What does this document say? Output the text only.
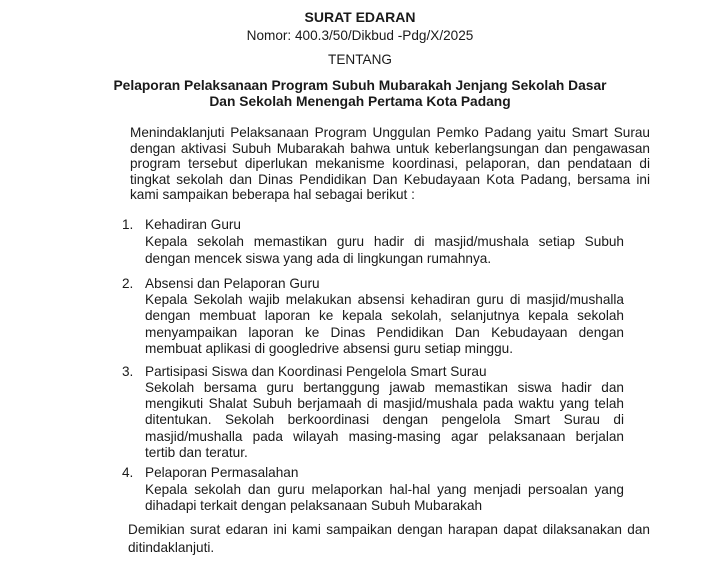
SURAT EDARAN
Nomor: 400.3/50/Dikbud -Pdg/X/2025
TENTANG
Pelaporan Pelaksanaan Program Subuh Mubarakah Jenjang Sekolah Dasar
Dan Sekolah Menengah Pertama Kota Padang
Menindaklanjuti Pelaksanaan Program Unggulan Pemko Padang yaitu Smart Surau
dengan aktivasi Subuh Mubarakah bahwa untuk keberlangsungan dan pengawasan
program tersebut diperlukan mekanisme koordinasi, pelaporan, dan pendataan di
tingkat sekolah dan Dinas Pendidikan Dan Kebudayaan Kota Padang, bersama ini
kami sampaikan beberapa hal sebagai berikut :
1. Kehadiran Guru
Kepala sekolah memastikan guru hadir di masjid/mushala setiap Subuh
dengan mencek siswa yang ada di lingkungan rumahnya.
2. Absensi dan Pelaporan Guru
Kepala Sekolah wajib melakukan absensi kehadiran guru di masjid/mushalla
dengan membuat laporan ke kepala sekolah, selanjutnya kepala sekolah
menyampaikan laporan ke Dinas Pendidikan Dan Kebudayaan dengan
membuat aplikasi di googledrive absensi guru setiap minggu.
3. Partisipasi Siswa dan Koordinasi Pengelola Smart Surau
Sekolah bersama guru bertanggung jawab memastikan siswa hadir dan
mengikuti Shalat Subuh berjamaah di masjid/mushala pada waktu yang telah
ditentukan. Sekolah berkoordinasi dengan pengelola Smart Surau di
masjid/mushalla pada wilayah masing-masing agar pelaksanaan berjalan
tertib dan teratur.
4. Pelaporan Permasalahan
Kepala sekolah dan guru melaporkan hal-hal yang menjadi persoalan yang
dihadapi terkait dengan pelaksanaan Subuh Mubarakah
Demikian surat edaran ini kami sampaikan dengan harapan dapat dilaksanakan dan
ditindaklanjuti.
